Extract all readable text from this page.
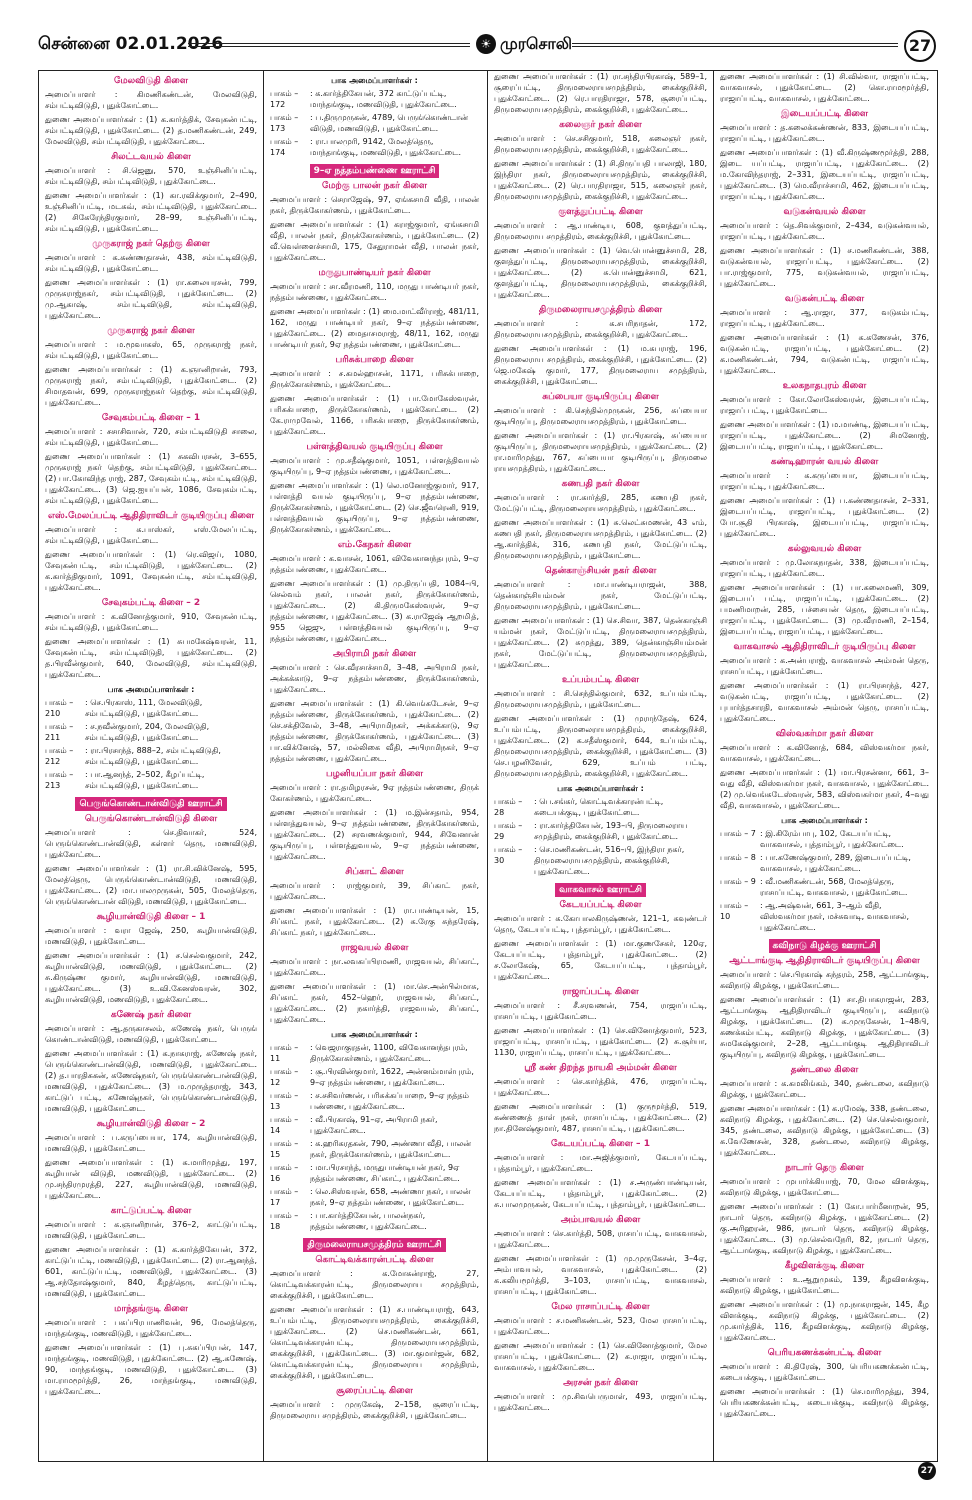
சென்னை 02.01.2026	☀ முரசொலி	27
மேலவிடுதி கிளை

அமைப்பாளர் : கிமணிகண்டன், மேலவிடுதி, சம்பட்டிவிடுதி, புதுக்கோட்டை.

துணை அமைப்பாளர்கள் : (1) க.கார்த்திக், சேவுகன்பட்டி, சம்பட்டிவிடுதி, புதுக்கோட்டை. (2) த.மணிகண்டன், 249, மேலவிடுதி, சம்பட்டிவிடுதி, புதுக்கோட்டை.

சிலட்டவயல் கிளை

அமைப்பாளர் : சி.ஜெனு, 570, உஞ்சினிப்பட்டி, சம்பட்டிவிடுதி, சம்பட்டிவிடுதி, புதுக்கோட்டை.

துணை அமைப்பாளர்கள் : (1) கா.ரவிக்குமார், 2–490, உஞ்சினிப்பட்டி, மடகவ், சம்பட்டிவிடுதி, புதுக்கோட்டை. (2) சிகேரேந்திரகுமார், 28–99, உஞ்சினிப்பட்டி, சம்பட்டிவிடுதி, புதுக்கோட்டை.

முருகராஜ் நகர் தெற்கு கிளை

அமைப்பாளர் : க.கண்ணதாசன், 438, சம்பட்டிவிடுதி, சம்பட்டிவிடுதி, புதுக்கோட்டை.

துணை அமைப்பாளர்கள் : (1) ரா.கலையரசன், 799, முருகராஜ்நகர், சம்பட்டிவிடுதி, புதுக்கோட்டை. (2) மு.ஆகாஷ், சம்பட்டிவிடுதி, சம்பட்டிவிடுதி, புதுக்கோட்டை.

முருகராஜ் நகர் கிளை

அமைப்பாளர் : ம.மூவாகஸ், 65, முருகராஜ் நகர், சம்பட்டிவிடுதி, புதுக்கோட்டை.

துணை அமைப்பாளர்கள் : (1) க.ஞானிறான், 793, முருகராஜ் நகர், சம்பட்டிவிடுதி, புதுக்கோட்டை. (2) சிமாதவன், 699, முருகராஜ்நகர் தெற்கு, சம்பட்டிவிடுதி, புதுக்கோட்டை.

சேவுகம்பட்டி கிளை – 1

அமைப்பாளர் : சசாசிவான், 720, சம்பட்டிவிடுதி சாலை, சம்பட்டிவிடுதி, புதுக்கோட்டை.

துணை அமைப்பாளர்கள் : (1) சுகவிபரசன், 3–655, முருகராஜ் நகர் தெற்கு, சம்பட்டிவிடுதி, புதுக்கோட்டை. (2) பா.கோவிந்த ராஜ், 287, சேவுகம்பட்டி, சம்பட்டிவிடுதி, புதுக்கோட்டை. (3) ஜெ.ஐயப்பன், 1086, சேவுகம்பட்டி, சம்பட்டிவிடுதி, புதுக்கோட்டை.

எஸ்.மேலப்பட்டி ஆதிதிராவிடர் குடியிருப்பு கிளை

அமைப்பாளர் : க.பாஸ்கர், எஸ்.மேலப்பட்டி, சம்பட்டிவிடுதி, புதுக்கோட்டை.

துணை அமைப்பாளர்கள் : (1) ரெ.விஜய், 1080, சேவுகன்பட்டி, சம்பட்டிவிடுதி, புதுக்கோட்டை. (2) க.கார்த்திகுமார், 1091, சேவுகன்பட்டி, சம்பட்டிவிடுதி, புதுக்கோட்டை.

சேவுகம்பட்டி கிளை – 2

அமைப்பாளர் : க.வினோத்குமார், 910, சேவுகன்பட்டி, சம்பட்டிவிடுதி, புதுக்கோட்டை.

துணை அமைப்பாளர்கள் : (1) சுபமகேஷ்வரன், 11, சேவுகன்பட்டி, சம்பட்டிவிடுதி, புதுக்கோட்டை. (2) த.பிரவீன்குமார், 640, மேலவிடுதி, சம்பட்டிவிடுதி, புதுக்கோட்டை.

பாக அமைப்பாளர்கள் :
பாகம் – 210
: செ.பிரகாஸ், 111, மேலவிடுதி, சம்பட்டிவிடுதி, புதுக்கோட்டை.
பாகம் – 211
: ச.நவீன்குமார், 204, மேலவிடுதி, சம்பட்டிவிடுதி, புதுக்கோட்டை.
பாகம் – 212
: ரா.பிரசாந்த், 888–2, சம்பட்டிவிடுதி, சம்பட்டிவிடுதி, புதுக்கோட்டை.
பாகம் – 213
: பா.ஆனந்த், 2–502, கீழப்பட்டி, சம்பட்டிவிடுதி, புதுக்கோட்டை.
பெருங்கொண்டான்விடுதி ஊராட்சி
பெருங்கொண்டான்விடுதி கிளை

அமைப்பாளர் : செ.திவாகர், 524, பெருங்கொண்டான்விடுதி, கள்ளர் தெரு, மணவிடுதி, புதுக்கோட்டை.

துணை அமைப்பாளர்கள் : (1) ரா.சி.விக்னேஷ், 595, மேலத்தெரு, பெருங்கொண்டான்விடுதி, மணவிடுதி, புதுக்கோட்டை. (2) மா.பாலமுருகன், 505, மேலத்தெரு, பெருங்கொண்டான் விடுதி, மணவிடுதி, புதுக்கோட்டை.

கூழியான்விடுதி கிளை – 1

அமைப்பாளர் : வரா ஜேஷ், 250, கூழியான்விடுதி, மணவிடுதி, புதுக்கோட்டை.

துணை அமைப்பாளர்கள் : (1) ச.செல்வகுமார், 242, கூழியான்விடுதி, மணவிடுதி, புதுக்கோட்டை. (2) சு.கிருஷ்ண குமார், கூழியான்விடுதி, மணவிடுதி, புதுக்கோட்டை. (3) உ.வி.கேனஸ்வரன், 302, கூழியான்விடுதி, மணவிடுதி, புதுக்கோட்டை.

கணேஷ் நகர் கிளை

அமைப்பாளர் : ஆ.தருகாசலம், கணேஷ் நகர், பெருங் கொண்டான்விடுதி, மணவிடுதி, புதுக்கோட்டை.

துணை அமைப்பாளர்கள் : (1) க.நாகராஜ், கணேஷ் நகர், பெருங்கொண்டான்விடுதி, மணவிடுதி, புதுக்கோட்டை. (2) த.பாரதிசுகன், கணேஷ்நகர், பெருங்கொண்டான்விடுதி, மணவிடுதி, புதுக்கோட்டை. (3) ம.முருத்தராஜ், 343, காட்டுப் பட்டி, கணேஷ்நகர், பெருங்கொண்டான்விடுதி, மணவிடுதி, புதுக்கோட்டை.

கூழியான்விடுதி கிளை – 2

அமைப்பாளர் : ப.கருப்பையா, 174, கூழியான்விடுதி, மணவிடுதி, புதுக்கோட்டை.

துணை அமைப்பாளர்கள் : (1) க.மாரிமுத்து, 197, கூழியான் விடுதி, மணவிடுதி, புதுக்கோட்டை. (2) மு.சந்திரமுரத்தி, 227, கூழியான்விடுதி, மணவிடுதி, புதுக்கோட்டை.

காட்டுப்பட்டி கிளை

அமைப்பாளர் : க.ஞானிறான், 376–2, காட்டுப்பட்டி, மணவிடுதி, புதுக்கோட்டை.

துணை அமைப்பாளர்கள் : (1) க.கார்த்திகேயன், 372, காட்டுப்பட்டி, மணவிடுதி, புதுக்கோட்டை. (2) ரா.ஆனந்த், 601, காட்டுப்பட்டி, மணவிடுதி, புதுக்கோட்டை. (3) ஆ.சந்தோஷ்குமார், 840, கீழத்தெரு, காட்டுப்பட்டி, மணவிடுதி, புதுக்கோட்டை.

மாந்தங்குடி கிளை

அமைப்பாளர் : பகப்பிரபாணிவன், 96, மேலத்தெரு, மாந்தங்குடி, மணவிடுதி, புதுக்கோட்டை.

துணை அமைப்பாளர்கள் : (1) பு.சுகப்பிரபன், 147, மாந்தங்குடி, மணவிடுதி, புதுக்கோட்டை. (2) ஆ.கணேஷ், 90, மாந்தங்குடி, மணவிடுதி, புதுக்கோட்டை. (3) மா.ராமமூர்த்தி, 26, மாந்தங்குடி, மணவிடுதி, புதுக்கோட்டை.

பாக அமைப்பாளர்கள் :
பாகம் – 172
: க.கார்த்திகேயன், 372 காட்டுப்பட்டி, மாந்தங்குடி, மணவிடுதி, புதுக்கோட்டை.
பாகம் – 173
: ப.திருமுருகன், 4789, பெருங்கொண்டான் விடுதி, மணவிடுதி, புதுக்கோட்டை.
பாகம் – 174
: ரா.பாலமுரி, 9142, மேலத்தெரு, மாந்தாங்குடி, மணவிடுதி, புதுக்கோட்டை.
9–ஏ நத்தம்பண்ணை ஊராட்சி
மேற்கு பாலன் நகர் கிளை

அமைப்பாளர் : செராஜேஷ், 97, ஏங்கசாமி வீதி, பாலன் நகர், திருக்கோகர்ணம், புதுக்கோட்டை.

துணை அமைப்பாளர்கள் : (1) கராஜ்குமார், ஏங்கசாமி வீதி, பாலன் நகர், திருக்கோகர்ணம், புதுக்கோட்டை. (2) வீ.வெள்ளைச்சாமி, 175, சேதுராமன் வீதி, பாலன் நகர், புதுக்கோட்டை.

மருதுபாண்டியர் நகர் கிளை

அமைப்பாளர் : சா.வீரமணி, 110, மருது பாண்டியர் நகர், நத்தம்பண்ணை, புதுக்கோட்டை.

துணை அமைப்பாளர்கள் : (1) மை.மாட்வீர்ராஜ், 481/11, 162, மருது பாண்டியர் நகர், 9–ஏ நத்தம்பண்ணை, புதுக்கோட்டை. (2) மைதாசமராஜ், 48/11, 162, மருது பாண்டியர் நகர், 9ஏ நத்தம்பண்ணை, புதுக்கோட்டை.

பரிசுக்பாறை கிளை

அமைப்பாளர் : ச.கமல்ஹாசன், 1171, பரிசுக்பாறை, திருக்கோகர்ணம், புதுக்கோட்டை.

துணை அமைப்பாளர்கள் : (1) பா.மோகேஸ்வரன், பரிசுக்பாறை, திருக்கோகர்ணம், புதுக்கோட்டை. (2) கே.ராமுவேல், 1166, பரிசுக்பாறை, திருக்கோகர்ணம், புதுக்கோட்டை.

பள்ளத்திவயல் குடியிருப்பு கிளை

அமைப்பாளர் : மு.சதீஷ்குமார், 1051, பள்ளத்திவயல் குடியிருப்பு, 9–ஏ நத்தம்பண்ணை, புதுக்கோட்டை.

துணை அமைப்பாளர்கள் : (1) லெ.மனோஜ்குமார், 917, பள்ளத்தி வயல் குடியிருப்பு, 9–ஏ நத்தம்பண்ணை, திருக்கோகர்ணம், புதுக்கோட்டை. (2) செ.ஜீவரெனி, 919, பள்ளத்திவயல் குடியிருப்பு, 9–ஏ நத்தம்பண்ணை, திருக்கோகர்ணம், புதுக்கோட்டை.

எம்.கேநகர் கிளை

அமைப்பாளர் : க.வாசன், 1061, விவேகானந்தபுரம், 9–ஏ நத்தம்பண்ணை, புதுக்கோட்டை.

துணை அமைப்பாளர்கள் : (1) மு.திருப்பதி, 1084–பி, செல்வம் நகர், பாலன் நகர், திருக்கோகர்ணம், புதுக்கோட்டை. (2) கி.திருமகேஸ்வரன், 9–ஏ நத்தம்பண்ணை, புதுக்கோட்டை. (3) க.ராஜேஷ் ஆறமி்த், 955 ஜெஜு, பள்ளத்திவயல் குடியிருப்பு, 9–ஏ நத்தம்பண்ணை, புதுக்கோட்டை.

அபிராமி நகர் கிளை

அமைப்பாளர் : செ.வீரசாச்சாமி, 3–48, அபிராமி நகர், அக்கக்காடு, 9–ஏ நத்தம்பண்ணை, திருக்கோகர்ணம், புதுக்கோட்டை.

துணை அமைப்பாளர்கள் : (1) கி.வெங்கடேசன், 9–ஏ நத்தம்பண்ணை, திருக்கோகர்ணம், புதுக்கோட்டை. (2) செ.சக்திவேல், 3–48, அபிராமிநகர், அக்கக்காடு, 9ஏ நத்தம்பண்ணை, திருக்கோகர்ணம், புதுக்கோட்டை. (3) பா.விக்னேஷ், 57, மல்லிகை வீதி, அபிராமிநகர், 9–ஏ நத்தம்பண்ணை, புதுக்கோட்டை.

பழனியப்பா நகர் கிளை

அமைப்பாளர் : ரா.தமிழரசன், 9ஏ நத்தம்பண்ணை, திருக் கோகர்ணம், புதுக்கோட்டை.

துணை அமைப்பாளர்கள் : (1) ம.இன்சதாம், 954, பள்ளத்துவயல், 9–ஏ நத்தம்பண்ணை, திருக்கோகர்ணம், புதுக்கோட்டை. (2) சரவணக்குமார், 944, சிவேனான் குடியிருப்பு, பள்ளத்துவயல், 9–ஏ நத்தம்பண்ணை, புதுக்கோட்டை.

சிப்காட் கிளை

அமைப்பாளர் : ராஜ்குமார், 39, சிப்காட் நகர், புதுக்கோட்டை.

துணை அமைப்பாளர்கள் : (1) ரா.பாண்டியன், 15, சிப்காட் நகர், புதுக்கோட்டை. (2) க.ரேகு சுந்தரேஷ், சிப்காட் நகர், புதுக்கோட்டை.

ராஜவயல் கிளை

அமைப்பாளர் : நா.லவகப்பிரமணி, ராஜவயல், சிப்காட், புதுக்கோட்டை.

துணை அமைப்பாளர்கள் : (1) மா.செ.அன்பில்மாசு, சிப்காட் நகர், 452–ஹெர், ராஜவயல், சிப்காட், புதுக்கோட்டை. (2) நகார்த்தி, ராஜவயல், சிப்காட், புதுக்கோட்டை.

பாக அமைப்பாளர்கள் :
பாகம் – 11
: வெஜராகுரதன், 1100, விவேகானந்தபுரம், திருக்கோகர்ணம், புதுக்கோட்டை.
பாகம் – 12
: சூ.பிரவின்குமார், 1622, அன்னம்மாள்புரம், 9–ஏ நத்தம்பண்ணை, புதுக்கோட்டை.
பாகம் – 13
: ச.சசிவர்ணன், பரிசுக்கப்பாறை, 9–ஏ நத்தம் பண்ணை, புதுக்கோட்டை.
பாகம் – 14
: வீ.பிரகாஷ், 91–ஏ, அபிராமி நகர், புதுக்கோட்டை.
பாகம் – 15
: க.ஹரிகரதகன், 790, அண்ணா வீதி, பாலன் நகர், திருக்கோகர்ணம், புதுக்கோட்டை.
பாகம் – 16
: மா.பிரசாந்த், மருதுபாண்டியன் நகர், 9ஏ நத்தம்பண்ணை, சிப்காட், புதுக்கோட்டை.
பாகம் – 17
: லெ.சிஸ்வரன், 658, அண்ணா நகர், பாலன் நகர், 9–ஏ நத்தம்பண்ணை, புதுக்கோட்டை.
பாகம் – 18
: பா.கார்த்திகேயன், பாலன்நகர், நத்தம்பண்ணை, புதுக்கோட்டை.
திருமலைராயசமுத்திரம் ஊராட்சி
கொட்டிவக்காரன்பட்டி கிளை

அமைப்பாளர் : க.மோகன்ராஜ், 27, கொட்டிவக்காரன்பட்டி, திருமலைராய சமுத்திரம், கைக்குறிச்சி, புதுக்கோட்டை.

துணை அமைப்பாளர்கள் : (1) ச.பாண்டியராஜ், 643, உப்பம்பட்டி, திருமலைராயசமுத்திரம், கைக்குறிச்சி, புதுக்கோட்டை. (2) செ.மணிகண்டன், 661, கொட்டிவக்காரன்பட்டி, திருமலைராயசமுத்திரம், கைக்குறிச்சி, புதுக்கோட்டை. (3) மா.குமார்ஜன், 682, கொட்டிவக்காரன்பட்டி, திருமலைராய சமுத்திரம், கைக்குறிச்சி, புதுக்கோட்டை.

சூரைப்பட்டி கிளை

அமைப்பாளர் : முருகேஷ், 2–158, சூரைப்பட்டி, திருமலைராய சமுத்திரம், கைக்குறிச்சி, புதுக்கோட்டை.

துணை அமைப்பாளர்கள் : (1) ரா.சந்திரபிரகாஷ், 589–1, சூரைப்பட்டி, திருமலைராயசமுத்திரம், கைக்குறிச்சி, புதுக்கோட்டை. (2) ரெ.பாரதிராஜா, 578, சூரைப்பட்டி, திருமலைராயசமுத்திரம், கைக்குறிச்சி, புதுக்கோட்டை.

கலைஞர் நகர் கிளை

அமைப்பாளர் : செ.சசிகுமார், 518, கலைஞர் நகர், திருமலைராயசமுத்திரம், கைக்குறிச்சி, புதுக்கோட்டை.

துணை அமைப்பாளர்கள் : (1) சி.திருப்பதி பாலாஜி, 180, இந்திரா நகர், திருமலைராயசமுத்திரம், கைக்குறிச்சி, புதுக்கோட்டை. (2) ரெ.பாரதிராஜா, 515, கலைஞர் நகர், திருமலைராயசமுத்திரம், கைக்குறிச்சி, புதுக்கோட்டை.

குளத்துப்பட்டி கிளை

அமைப்பாளர் : ஆ.பாண்டிய, 608, குளத்துப்பட்டி, திருமலைராய சமுத்திரம், கைக்குறிச்சி, புதுக்கோட்டை.

துணை அமைப்பாளர்கள் : (1) வெ.பொன்னுச்சாமி, 28, குளத்துப்பட்டி, திருமலைராயசமுத்திரம், கைக்குறிச்சி, புதுக்கோட்டை. (2) சு.பொன்னுச்சாமி, 621, குளத்துப்பட்டி, திருமலைராயசமுத்திரம், கைக்குறிச்சி, புதுக்கோட்டை.

திருமலைராயசமுத்திரம் கிளை

அமைப்பாளர் : க.சபரிநாதன், 172, திருமலைராயசமுத்திரம், கைக்குறிச்சி, புதுக்கோட்டை.

துணை அமைப்பாளர்கள் : (1) ம.கபராஜ், 196, திருமலைராய சமுத்திரம், கைக்குறிச்சி, புதுக்கோட்டை. (2) ஜெ.மகேஷ் குமார், 177, திருமலைராய சமுத்திரம், கைக்குறிச்சி, புதுக்கோட்டை.

சுப்பையா குடியிருப்பு கிளை

அமைப்பாளர் : கி.செந்தில்முருகன், 256, சுப்பையா குடியிருப்பு, திருமலைராயசமுத்திரம், புதுக்கோட்டை.

துணை அமைப்பாளர்கள் : (1) ரா.பிரகாஷ், சுப்பையா குடியிருப்பு, திருமலைராயசமுத்திரம், புதுக்கோட்டை. (2) ரா.மாரிமுத்து, 767, சுப்பையா குடியிருப்பு, திருமலை ராயசமுத்திரம், புதுக்கோட்டை.

கணபதி நகர் கிளை

அமைப்பாளர் : ரா.கார்த்தி, 285, கணபதி நகர், மேட்டுப்பட்டி, திருமலைராயசமுத்திரம், புதுக்கோட்டை.

துணை அமைப்பாளர்கள் : (1) சு.லெட்சுமணன், 43 எம், கணபதி நகர், திருமலைராயசமுத்திரம், புதுக்கோட்டை. (2) ஆ.கார்த்திக், 316, கணபதி நகர், மேட்டுப்பட்டி, திருமலைராயசமுத்திரம், புதுக்கோட்டை.

தென்காஞ்சியன் நகர் கிளை

அமைப்பாளர் : மா.பாண்டியராஜன், 388, தென்காஞ்சியம்மன் நகர், மேட்டுப்பட்டி, திருமலைராயசமுத்திரம், புதுக்கோட்டை.

துணை அமைப்பாளர்கள் : (1) செ.சிவா, 387, தென்காஞ்சி யம்மன் நகர், மேட்டுப்பட்டி, திருமலைராயசமுத்திரம், புதுக்கோட்டை. (2) சுமுத்து, 389, தென்காஞ்சியம்மன் நகர், மேட்டுப்பட்டி, திருமலைராயசமுத்திரம், புதுக்கோட்டை.

உப்பம்பட்டி கிளை

அமைப்பாளர் : சி.செந்தில்குமார், 632, உப்பம்பட்டி, திருமலைராயசமுத்திரம், புதுக்கோட்டை.

துணை அமைப்பாளர்கள் : (1) முராந்தேஷ், 624, உப்பம்பட்டி, திருமலைராயசமுத்திரம், கைக்குறிச்சி, புதுக்கோட்டை. (2) க.சதீஸ்குமார், 644, உப்பம்பட்டி, திருமலைராயசமுத்திரம், கைக்குறிச்சி, புதுக்கோட்டை. (3) செ.பழனிவேள், 629, உப்பம் பட்டி, திருமலைராயசமுத்திரம், கைக்குறிச்சி, புதுக்கோட்டை.

பாக அமைப்பாளர்கள் :
பாகம் – 28
: பெ.சங்கர், கொட்டிவக்காரன்பட்டி, கடையக்குடி, புதுக்கோட்டை.
பாகம் – 29
: ரா.கார்த்திகேயன், 193–பி, திருமலைராய சமுத்திரம், கைக்குறிச்சி, புதுக்கோட்டை.
பாகம் – 30
: செ.மணிகண்டன், 516–பி, இந்திரா நகர், திருமலைராயசமுத்திரம், கைக்குறிச்சி, புதுக்கோட்டை.
வாகவாசல் ஊராட்சி
கேடயப்பட்டி கிளை

அமைப்பாளர் : க.கோபாலகிருஷ்ணன், 121–1, கவுண்டர் தெரு, கேடயப்பட்டி, புத்தாம்பூர், புதுக்கோட்டை.

துணை அமைப்பாளர்கள் : (1) மா.குணசேகர், 120ஏ, கேடயப்பட்டி, புத்தாம்பூர், புதுக்கோட்டை. (2) ச.லோகேஷ், 65, கேடயப்பட்டி, புத்தாம்பூர், புதுக்கோட்டை.

ராஜாப்பட்டி கிளை

அமைப்பாளர் : சீ.சரவணன், 754, ராஜாப்பட்டி, ராசாப்பட்டி, புதுக்கோட்டை.

துணை அமைப்பாளர்கள் : (1) செ.வினோத்குமார், 523, ராஜாப்பட்டி, ராசாப்பட்டி, புதுக்கோட்டை. (2) சு.சூர்யா, 1130, ராஜாப்பட்டி, ராசாப்பட்டி, புதுக்கோட்டை.

ஸ்ரீ கண் திறந்த நாயகி அம்மன் கிளை

அமைப்பாளர் : செ.கார்த்திக், 476, ராஜாப்பட்டி, புதுக்கோட்டை.

துணை அமைப்பாளர்கள் : (1) குருமூர்த்தி, 519, கண்ணைத் தாள் நகர், ராசாப்பட்டி, புதுக்கோட்டை. (2) நா.தினேஷ்குமார், 487, ராசாப்பட்டி, புதுக்கோட்டை.

கேடயப்பட்டி கிளை – 1

அமைப்பாளர் : மா.அஜித்குமார், கேடயப்பட்டி, புத்தாம்பூர், புதுக்கோட்டை.

துணை அமைப்பாளர்கள் : (1) ச.அருண்பாண்டியன், கேடயப்பட்டி, புத்தாம்பூர், புதுக்கோட்டை. (2) சு.பாலமுருகன், கேடயப்பட்டி, புத்தாம்பூர், புதுக்கோட்டை.

அம்பாவயல் கிளை

அமைப்பாளர் : செ.கார்த்தி, 508, ராசாப்பட்டி, வாகவாசல், புதுக்கோட்டை.

துணை அமைப்பாளர்கள் : (1) மு.முருகேசன், 3–4ஏ, அம்பாவயல், வாகவாசல், புதுக்கோட்டை. (2) க.கலியமூர்த்தி, 3–103, ராசாப்பட்டி, வாகவாசல், ராசாப்பட்டி, புதுக்கோட்டை.

மேல ராசாப்பட்டி கிளை

அமைப்பாளர் : ச.மணிகண்டன், 523, மேல ராசாப்பட்டி, புதுக்கோட்டை.

துணை அமைப்பாளர்கள் : (1) செ.வினோத்குமார், மேல ராசாப்பட்டி, புதுக்கோட்டை. (2) சு.ராஜா, ராஜாப்பட்டி, வாகவாசல், புதுக்கோட்டை.

அரசன் நகர் கிளை

அமைப்பாளர் : மு.சிவபெருமாள், 493, ராஜாப்பட்டி, புதுக்கோட்டை.

துணை அமைப்பாளர்கள் : (1) சி.வில்வா, ராஜாப்பட்டி, வாகவாசல், புதுக்கோட்டை. (2) கொ.ராமமூர்த்தி, ராஜாப்பட்டி, வாகவாசல், புதுக்கோட்டை.

இடையப்பட்டி கிளை

அமைப்பாளர் : த.கலைக்கண்ணன், 833, இடையப்பட்டி, ராஜாப்பட்டி, புதுக்கோட்டை.

துணை அமைப்பாளர்கள் : (1) வீ.கிருஷ்ணமூர்த்தி, 288, இடை யப்பட்டி, ராஜாப்பட்டி, புதுக்கோட்டை. (2) ம.கோவிந்தராஜ், 2–331, இடையப்பட்டி, ராஜாப்பட்டி, புதுக்கோட்டை. (3) மெ.வீராச்சாமி, 462, இடையப்பட்டி, ராஜாப்பட்டி, புதுக்கோட்டை.

வடுகன்வயல் கிளை

அமைப்பாளர் : தெ.சிவக்குமார், 2–434, வடுகன்வயல், ராஜாப்பட்டி, புதுக்கோட்டை.

துணை அமைப்பாளர்கள் : (1) ச.மணிகண்டன், 388, வடுகன்வயல், ராஜாப்பட்டி, புதுக்கோட்டை. (2) பா.ராஜ்குமார், 775, வடுகன்வயல், ராஜாப்பட்டி, புதுக்கோட்டை.

வடுகன்பட்டி கிளை

அமைப்பாளர் : ஆ.ராஜா, 377, வடுகம்பட்டி, ராஜாப்பட்டி, புதுக்கோட்டை.

துணை அமைப்பாளர்கள் : (1) க.கணேசன், 376, வடுகன்பட்டி, ராஜாப்பட்டி, புதுக்கோட்டை. (2) க.மணிகண்டன், 794, வடுகன்பட்டி, ராஜாப்பட்டி, புதுக்கோட்டை.

உலகநாதபுரம் கிளை

அமைப்பாளர் : கோ.லோகேஸ்வரன், இடையப்பட்டி, ராஜாப் பட்டி, புதுக்கோட்டை.

துணை அமைப்பாளர்கள் : (1) ம.மாண்டி, இடையப்பட்டி, ராஜாப்பட்டி, புதுக்கோட்டை. (2) சிமனோஜ், இடையப்பட்டி, ராஜாப்பட்டி, புதுக்கோட்டை.

கண்டிஹாரன் வயல் கிளை

அமைப்பாளர் : க.கருப்பையா, இடையப்பட்டி, ராஜாப்பட்டி, புதுக்கோட்டை.

துணை அமைப்பாளர்கள் : (1) ப.கண்ணதாசன், 2–331, இடையப்பட்டி, ராஜாப்பட்டி, புதுக்கோட்டை. (2) போ.சூதி பிரகாஷ், இடையப்பட்டி, ராஜாப்பட்டி, புதுக்கோட்டை.

கல்லுவயல் கிளை

அமைப்பாளர் : மு.லோகநாதன், 338, இடையப்பட்டி, ராஜாப்பட்டி, புதுக்கோட்டை.

துணை அமைப்பாளர்கள் : (1) பா.கலைமணி, 309, இடையப் பட்டி, ராஜாப்பட்டி, புதுக்கோட்டை. (2) பமணிமாறன், 285, பச்சையன் தெரு, இடையப்பட்டி, ராஜாப்பட்டி, புதுக்கோட்டை. (3) மு.வீரமணி, 2–154, இடையப்பட்டி, ராஜாப்பட்டி, புதுக்கோட்டை.

வாகவாசல் ஆதிதிராவிடர் குடியிருப்பு கிளை

அமைப்பாளர் : க.அன்பராஜ், வாகவாசல் அம்மன் தெரு, ராசாப்பட்டி, புதுக்கோட்டை.

துணை அமைப்பாளர்கள் : (1) ரா.பிரசாந்த், 427, வடுகன்பட்டி, ராஜாப்பட்டி, புதுக்கோட்டை. (2) புபார்த்தசாரதி, வாகவாசல் அம்மன் தெரு, ராசாப்பட்டி, புதுக்கோட்டை.

விஸ்வகர்மா நகர் கிளை

அமைப்பாளர் : க.வினோத், 684, விஸ்வகர்மா நகர், வாகவாசல், புதுக்கோட்டை.

துணை அமைப்பாளர்கள் : (1) மா.பிரசன்னா, 661, 3–வது வீதி, விஸ்வகர்மா நகர், வாகவாசல், புதுக்கோட்டை. (2) மு.வெங்கடேஸ்வரன், 583, விஸ்வகர்மா நகர், 4–வது வீதி, வாகவாசல், புதுக்கோட்டை.

பாக அமைப்பாளர்கள் :
பாகம் – 7 : இ.கிரேம்பாபு, 102, கேடயப்பட்டி, வாகவாசல், புத்தாம்பூர், புதுக்கோட்டை.
பாகம் – 8 : பா.கணேஷ்குமார், 289, இடையப்பட்டி, வாகவாசல், புதுக்கோட்டை.
பாகம் – 9 : வீ.மணிகண்டன், 568, மேலத்தெரு, ராசாப்பட்டி, வாகவாசல், புதுக்கோட்டை.
பாகம் – 10
: ஆ.அஷ்வன், 661, 3–ஆம் வீதி, விஸ்வகர்மா நகர், மச்சுவாடி, வாகவாசல், புதுக்கோட்டை.
கவிநாடு கிழக்கு ஊராட்சி
ஆட்டாங்குடி ஆதிதிராவிடர் குடியிருப்பு கிளை

அமைப்பாளர் : செ.பிரகாஷ் சுந்தரம், 258, ஆட்டாங்குடி, கவிநாடு கிழக்கு, புதுக்கோட்டை.

துணை அமைப்பாளர்கள் : (1) சா.திபாகராஜன், 283, ஆட்டாங்குடி ஆதிதிராவிடர் குடியிருப்பு, கவிநாடு கிழக்கு, புதுக்கோட்டை. (2) க.முருகேசன், 1–48பி, கணக்கம்பட்டி, கவிநாடு கிழக்கு, புதுக்கோட்டை. (3) சுமகேஷ்குமார், 2–28, ஆட்டாங்குடி ஆதிதிராவிடர் குடியிருப்பு, கவிநாடு கிழக்கு, புதுக்கோட்டை.

தண்டலை கிளை

அமைப்பாளர் : க.கமலிங்கம், 340, தண்டலை, கவிநாடு கிழக்கு, புதுக்கோட்டை.

துணை அமைப்பாளர்கள் : (1) க.ரமேஷ், 338, தண்டலை, கவிநாடு கிழக்கு, புதுக்கோட்டை. (2) செ.செல்வகுமார், 345, தண்டலை, கவிநாடு கிழக்கு, புதுக்கோட்டை. (3) க.வேணேசன், 328, தண்டலை, கவிநாடு கிழக்கு, புதுக்கோட்டை.

நாடார் தெரு கிளை

அமைப்பாளர் : முபார்க்கியாஜ், 70, மேல விளக்குடி, கவிநாடு கிழக்கு, புதுக்கோட்டை.

துணை அமைப்பாளர்கள் : (1) கோ.பார்மீனாறன், 95, நாடார் தெரு, கவிநாடு கிழக்கு, புதுக்கோட்டை. (2) கு.அரிஹரன், 986, நாடார் தெரு, கவிநாடு கிழக்கு, புதுக்கோட்டை. (3) மு.செல்வநேரி, 82, நாடார் தெரு, ஆட்டாங்குடி, கவிநாடு கிழக்கு, புதுக்கோட்டை.

கீழவிளக்குடி கிளை

அமைப்பாளர் : உ.ஆறுமுகம், 139, கீழவிளக்குடி, கவிநாடு கிழக்கு, புதுக்கோட்டை.

துணை அமைப்பாளர்கள் : (1) மு.நாகராஜன், 145, கீழ விளக்குடி, கவிநாடு கிழக்கு, புதுக்கோட்டை. (2) மு.கார்த்திக், 116, கீழவிளக்குடி, கவிநாடு கிழக்கு, புதுக்கோட்டை.

பெரியகணக்கன்பட்டி கிளை

அமைப்பாளர் : கி.திரேஷ், 300, பெரியகணக்கன்பட்டி, கடையக்குடி, புதுக்கோட்டை.

துணை அமைப்பாளர்கள் : (1) செ.மாரிமுத்து, 394, பெரியகணக்கன்பட்டி, கடையக்குடி, கவிநாடு கிழக்கு, புதுக்கோட்டை.

27
